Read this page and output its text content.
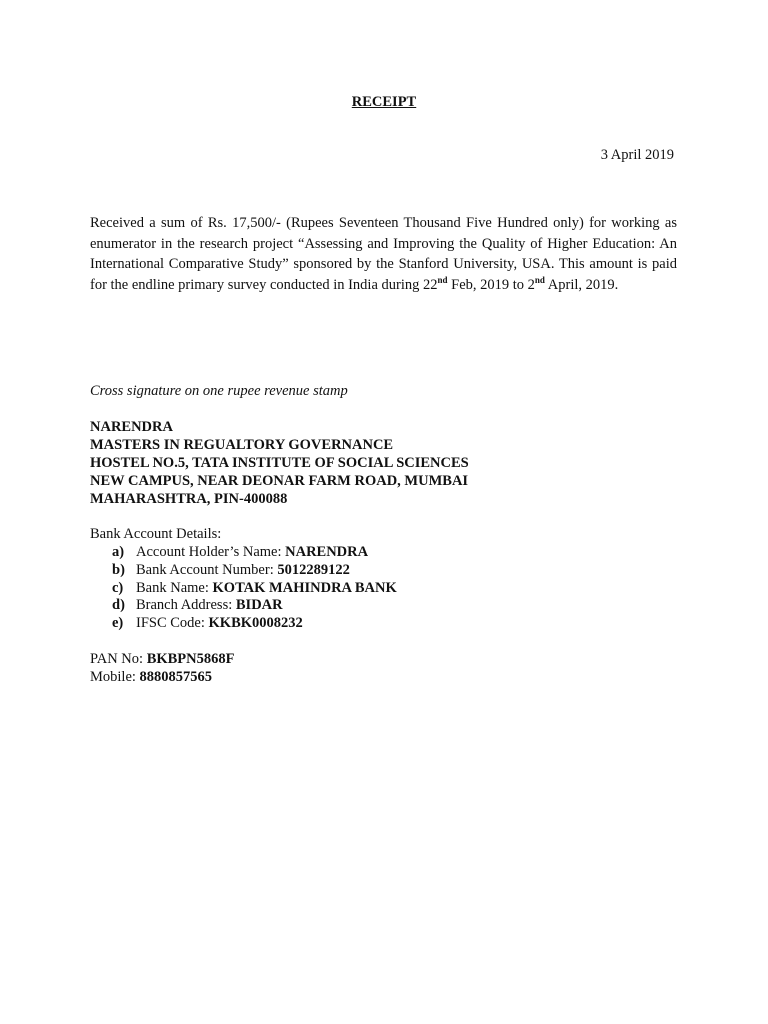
RECEIPT
3 April 2019
Received a sum of Rs. 17,500/- (Rupees Seventeen Thousand Five Hundred only) for working as enumerator in the research project “Assessing and Improving the Quality of Higher Education: An International Comparative Study” sponsored by the Stanford University, USA. This amount is paid for the endline primary survey conducted in India during 22nd Feb, 2019 to 2nd April, 2019.
Cross signature on one rupee revenue stamp
NARENDRA
MASTERS IN REGUALTORY GOVERNANCE
HOSTEL NO.5, TATA INSTITUTE OF SOCIAL SCIENCES
NEW CAMPUS, NEAR DEONAR FARM ROAD, MUMBAI
MAHARASHTRA, PIN-400088
Bank Account Details:
a) Account Holder’s Name: NARENDRA
b) Bank Account Number: 5012289122
c) Bank Name: KOTAK MAHINDRA BANK
d) Branch Address: BIDAR
e) IFSC Code: KKBK0008232
PAN No: BKBPN5868F
Mobile: 8880857565
